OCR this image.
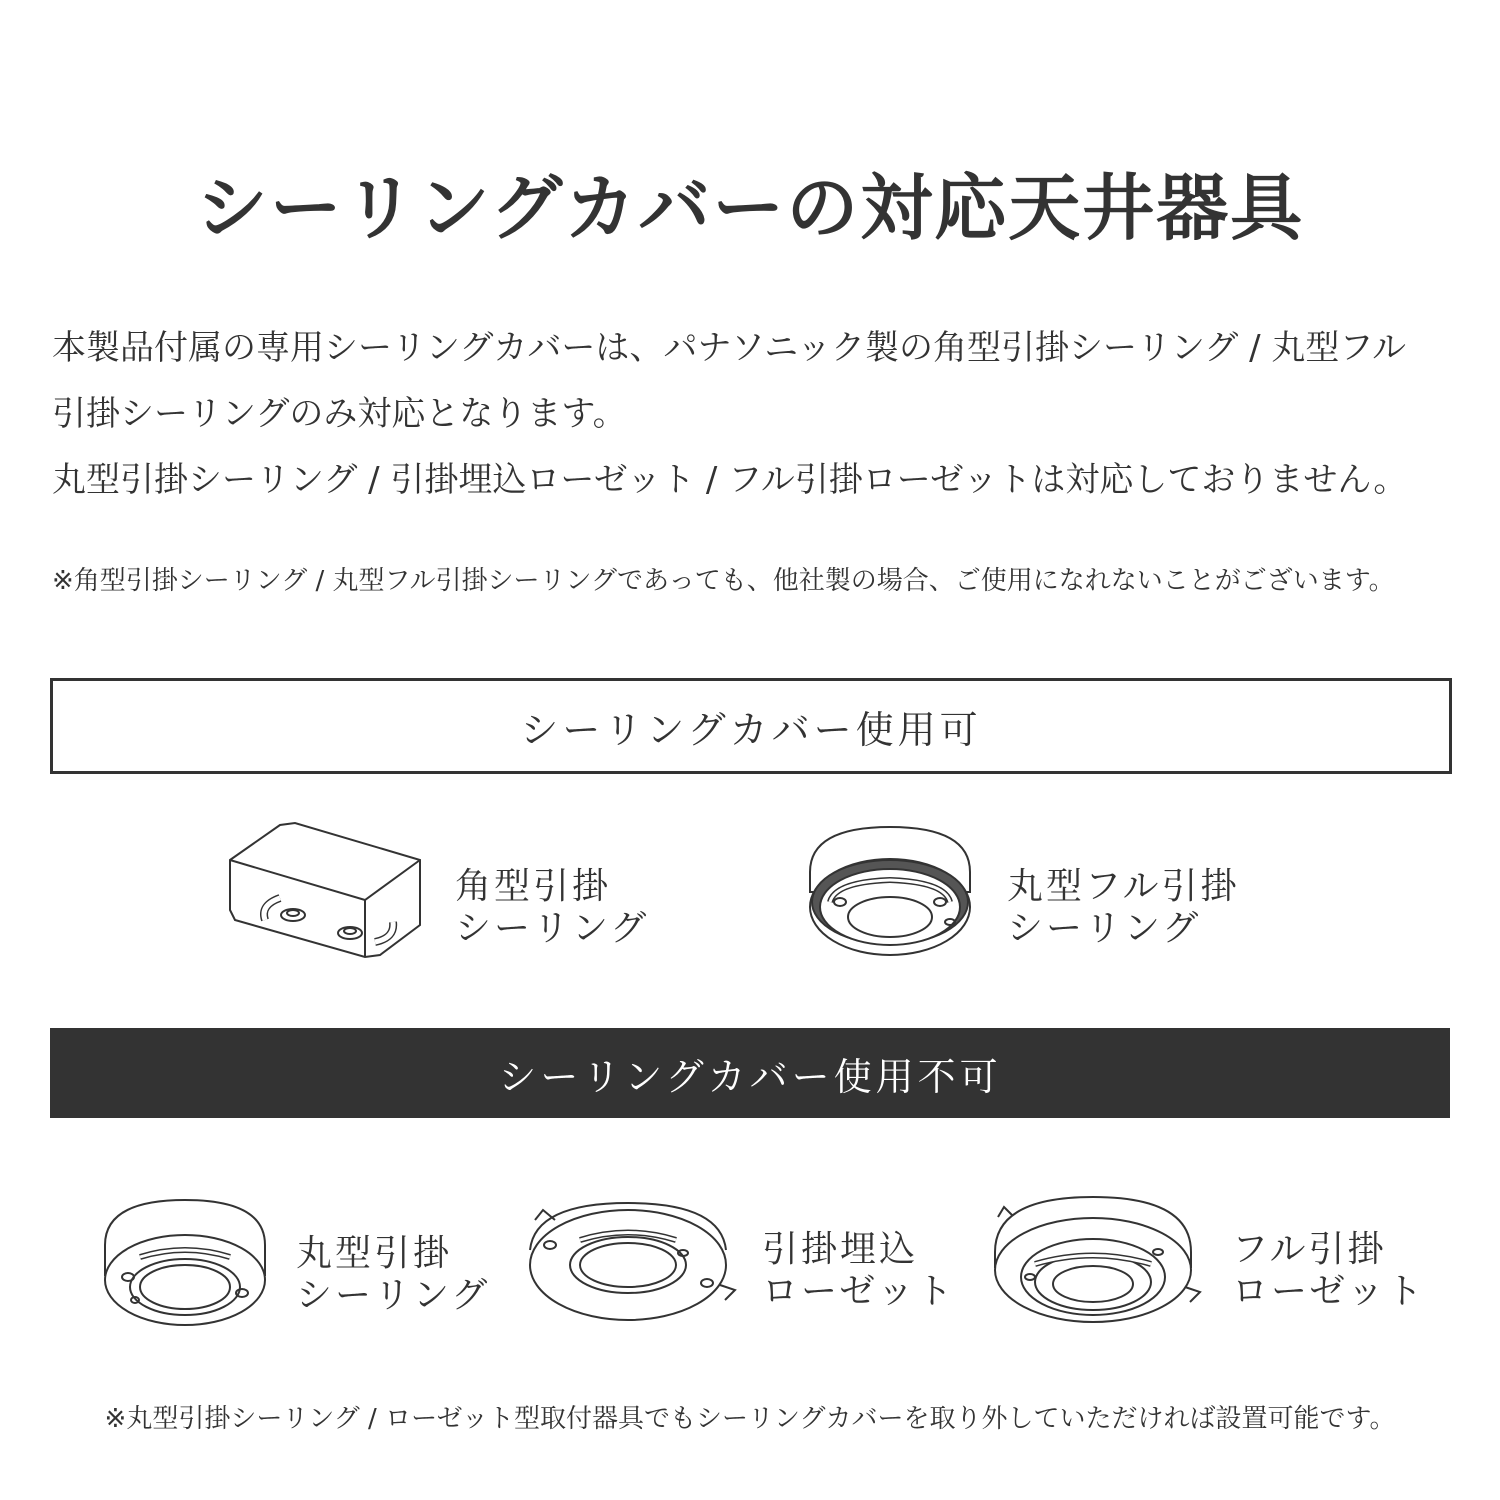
シーリングカバーの対応天井器具

本製品付属の専用シーリングカバーは、パナソニック製の角型引掛シーリング / 丸型フル

引掛シーリングのみ対応となります。

丸型引掛シーリング / 引掛埋込ローゼット / フル引掛ローゼットは対応しておりません。

※角型引掛シーリング / 丸型フル引掛シーリングであっても、他社製の場合、ご使用になれないことがございます。
シーリングカバー使用可
角型引掛
シーリング
丸型フル引掛
シーリング
シーリングカバー使用不可
丸型引掛
シーリング
引掛埋込
ローゼット
フル引掛
ローゼット
※丸型引掛シーリング / ローゼット型取付器具でもシーリングカバーを取り外していただければ設置可能です。
